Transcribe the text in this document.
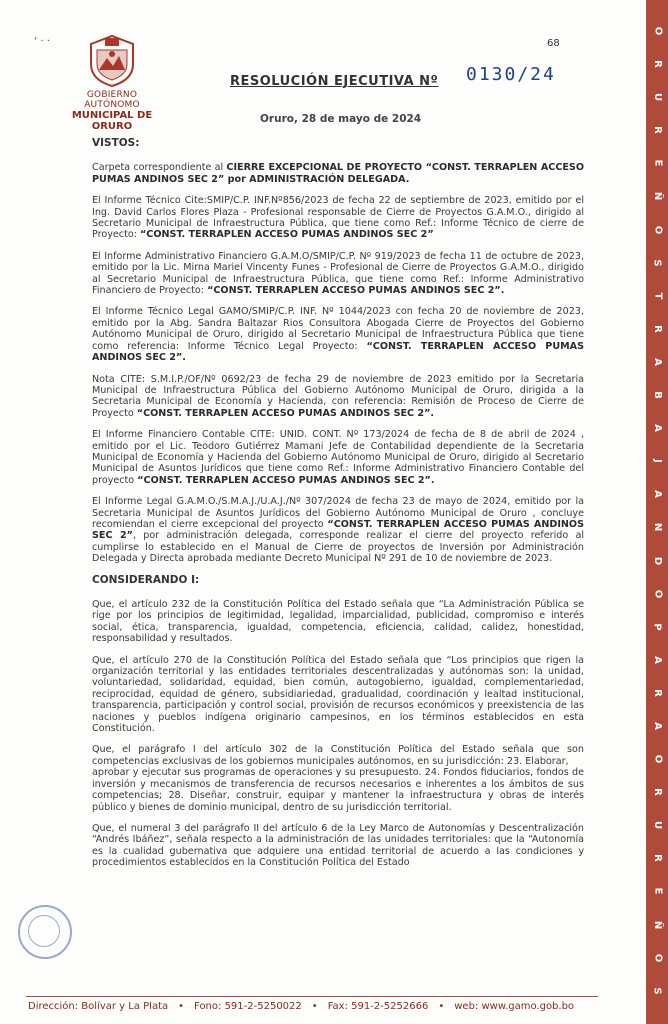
‘ · ·
GOBIERNO AUTÓNOMO
MUNICIPAL DE ORURO
68
RESOLUCIÓN EJECUTIVA Nº 0130/24
Oruro, 28 de mayo de 2024

VISTOS:

Carpeta correspondiente al CIERRE EXCEPCIONAL DE PROYECTO “CONST. TERRAPLEN ACCESO PUMAS ANDINOS SEC 2” por ADMINISTRACIÓN DELEGADA.

El Informe Técnico Cite:SMIP/C.P. INF.Nº856/2023 de fecha 22 de septiembre de 2023, emitido por el Ing. David Carlos Flores Plaza - Profesional responsable de Cierre de Proyectos G.A.M.O., dirigido al Secretario Municipal de Infraestructura Pública, que tiene como Ref.: Informe Técnico de cierre de Proyecto: “CONST. TERRAPLEN ACCESO PUMAS ANDINOS SEC 2”

El Informe Administrativo Financiero G.A.M.O/SMIP/C.P. Nº 919/2023 de fecha 11 de octubre de 2023, emitido por la Lic. Mirna Mariel Vincenty Funes - Profesional de Cierre de Proyectos G.A.M.O., dirigido al Secretario Municipal de Infraestructura Pública, que tiene como Ref.: Informe Administrativo Financiero de Proyecto: “CONST. TERRAPLEN ACCESO PUMAS ANDINOS SEC 2”.

El Informe Técnico Legal GAMO/SMIP/C.P. INF. Nº 1044/2023 con fecha 20 de noviembre de 2023, emitido por la Abg. Sandra Baltazar Rios Consultora Abogada Cierre de Proyectos del Gobierno Autónomo Municipal de Oruro, dirigido al Secretario Municipal de Infraestructura Pública que tiene como referencia: Informe Técnico Legal Proyecto: “CONST. TERRAPLEN ACCESO PUMAS ANDINOS SEC 2”.

Nota CITE: S.M.I.P./OF/Nº 0692/23 de fecha 29 de noviembre de 2023 emitido por la Secretaria Municipal de Infraestructura Pública del Gobierno Autónomo Municipal de Oruro, dirigida a la Secretaria Municipal de Economía y Hacienda, con referencia: Remisión de Proceso de Cierre de Proyecto “CONST. TERRAPLEN ACCESO PUMAS ANDINOS SEC 2”.

El Informe Financiero Contable CITE: UNID. CONT. Nº 173/2024 de fecha de 8 de abril de 2024 , emitido por el Lic. Teodoro Gutiérrez Mamani Jefe de Contabilidad dependiente de la Secretaria Municipal de Economía y Hacienda del Gobierno Autónomo Municipal de Oruro, dirigido al Secretario Municipal de Asuntos Jurídicos que tiene como Ref.: Informe Administrativo Financiero Contable del proyecto “CONST. TERRAPLEN ACCESO PUMAS ANDINOS SEC 2”.

El Informe Legal G.A.M.O./S.M.A.J./U.A.J./Nº 307/2024 de fecha 23 de mayo de 2024, emitido por la Secretaria Municipal de Asuntos Jurídicos del Gobierno Autónomo Municipal de Oruro , concluye recomiendan el cierre excepcional del proyecto “CONST. TERRAPLEN ACCESO PUMAS ANDINOS SEC 2”, por administración delegada, corresponde realizar el cierre del proyecto referido al cumplirse lo establecido en el Manual de Cierre de proyectos de Inversión por Administración Delegada y Directa aprobada mediante Decreto Municipal Nº 291 de 10 de noviembre de 2023.

CONSIDERANDO I:

Que, el artículo 232 de la Constitución Política del Estado señala que “La Administración Pública se rige por los principios de legitimidad, legalidad, imparcialidad, publicidad, compromiso e interés social, ética, transparencia, igualdad, competencia, eficiencia, calidad, calidez, honestidad, responsabilidad y resultados.

Que, el artículo 270 de la Constitución Política del Estado señala que “Los principios que rigen la organización territorial y las entidades territoriales descentralizadas y autónomas son: la unidad, voluntariedad, solidaridad, equidad, bien común, autogobierno, igualdad, complementariedad, reciprocidad, equidad de género, subsidiariedad, gradualidad, coordinación y lealtad institucional, transparencia, participación y control social, provisión de recursos económicos y preexistencia de las naciones y pueblos indígena originario campesinos, en los términos establecidos en esta Constitución.

Que, el parágrafo I del artículo 302 de la Constitución Política del Estado señala que son competencias exclusivas de los gobiernos municipales autónomos, en su jurisdicción: 23. Elaborar,

aprobar y ejecutar sus programas de operaciones y su presupuesto. 24. Fondos fiduciarios, fondos de inversión y mecanismos de transferencia de recursos necesarios e inherentes a los ámbitos de sus competencias; 28. Diseñar, construir, equipar y mantener la infraestructura y obras de interés público y bienes de dominio municipal, dentro de su jurisdicción territorial.

Que, el numeral 3 del parágrafo II del artículo 6 de la Ley Marco de Autonomías y Descentralización “Andrés Ibáñez”, señala respecto a la administración de las unidades territoriales: que la “Autonomía es la cualidad gubernativa que adquiere una entidad territorial de acuerdo a las condiciones y procedimientos establecidos en la Constitución Política del Estado

O
R
U
R
E
Ñ
O
S
T
R
A
B
A
J
A
N
D
O
P
A
R
A
O
R
U
R
E
Ñ
O
S
Dirección: Bolívar y La Plata • Fono: 591-2-5250022 • Fax: 591-2-5252666 • web: www.gamo.gob.bo
